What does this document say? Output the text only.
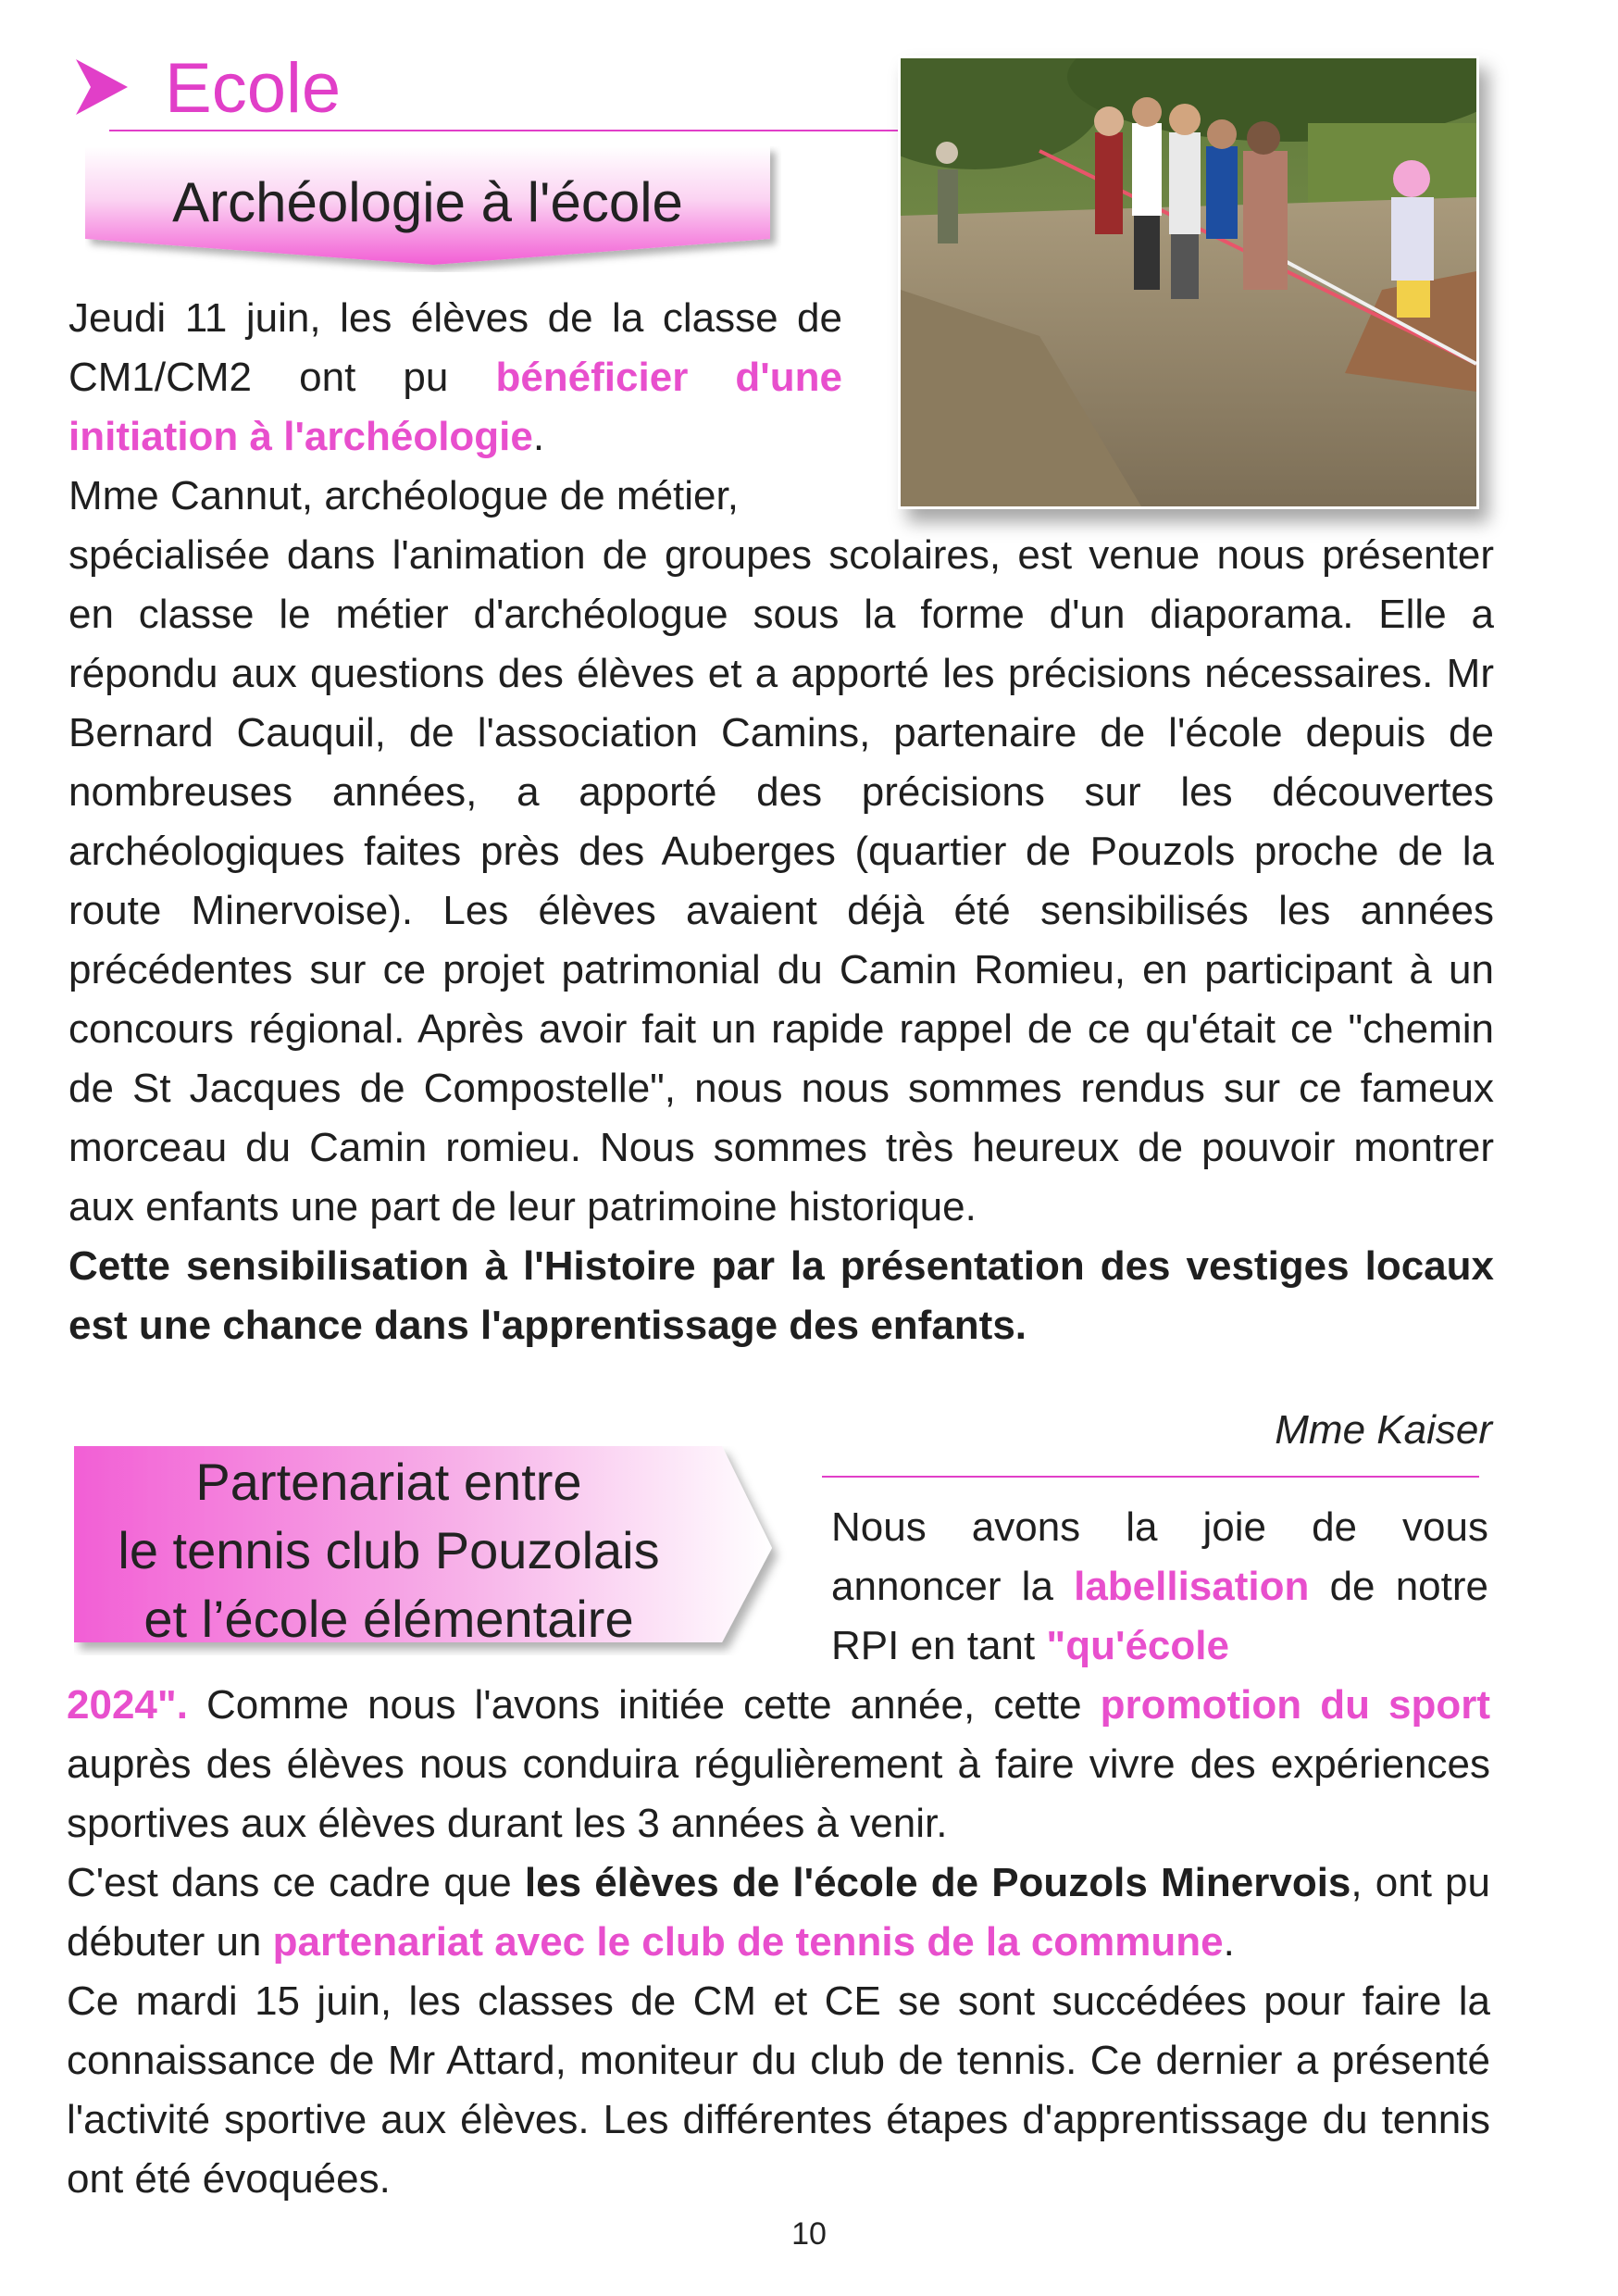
Ecole
Archéologie à l'école

Jeudi 11 juin, les élèves de la classe de CM1/CM2 ont pu bénéficier d'une initiation à l'archéologie.
Mme Cannut, archéologue de métier,

spécialisée dans l'animation de groupes scolaires, est venue nous présenter en classe le métier d'archéologue sous la forme d'un diaporama. Elle a répondu aux questions des élèves et a apporté les précisions nécessaires. Mr Bernard Cauquil, de l'association Camins, partenaire de l'école depuis de nombreuses années, a apporté des précisions sur les découvertes archéologiques faites près des Auberges (quartier de Pouzols proche de la route Minervoise). Les élèves avaient déjà été sensibilisés les années précédentes sur ce projet patrimonial du Camin Romieu, en participant à un concours régional. Après avoir fait un rapide rappel de ce qu'était ce "chemin de St Jacques de Compostelle", nous nous sommes rendus sur ce fameux morceau du Camin romieu. Nous sommes très heureux de pouvoir montrer aux enfants une part de leur patrimoine historique.
Cette sensibilisation à l'Histoire par la présentation des vestiges locaux est une chance dans l'apprentissage des enfants.

Mme Kaiser
Partenariat entre
le tennis club Pouzolais
et l’école élémentaire

Nous avons la joie de vous annoncer la labellisation de notre RPI en tant "qu'école

2024". Comme nous l'avons initiée cette année, cette promotion du sport auprès des élèves nous conduira régulièrement à faire vivre des expériences sportives aux élèves durant les 3 années à venir.
C'est dans ce cadre que les élèves de l'école de Pouzols Minervois, ont pu débuter un partenariat avec le club de tennis de la commune.
Ce mardi 15 juin, les classes de CM et CE se sont succédées pour faire la connaissance de Mr Attard, moniteur du club de tennis. Ce dernier a présenté l'activité sportive aux élèves. Les différentes étapes d'apprentissage du tennis ont été évoquées.

10
